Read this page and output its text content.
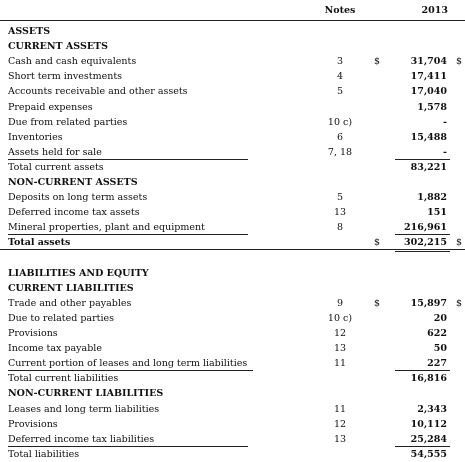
Notes	2013
ASSETS
CURRENT ASSETS
Cash and cash equivalents	3	$	31,704 $
Short term investments	4	17,411
Accounts receivable and other assets	5	17,040
Prepaid expenses	1,578
Due from related parties	10 c)	-
Inventories	6	15,488
Assets held for sale	7, 18	-
Total current assets	83,221
NON-CURRENT ASSETS
Deposits on long term assets	5	1,882
Deferred income tax assets	13	151
Mineral properties, plant and equipment	8	216,961
Total assets	$	302,215 $
LIABILITIES AND EQUITY
CURRENT LIABILITIES
Trade and other payables	9	$	15,897 $
Due to related parties	10 c)	20
Provisions	12	622
Income tax payable	13	50
Current portion of leases and long term liabilities	11	227
Total current liabilities	16,816
NON-CURRENT LIABILITIES
Leases and long term liabilities	11	2,343
Provisions	12	10,112
Deferred income tax liabilities	13	25,284
Total liabilities	54,555
